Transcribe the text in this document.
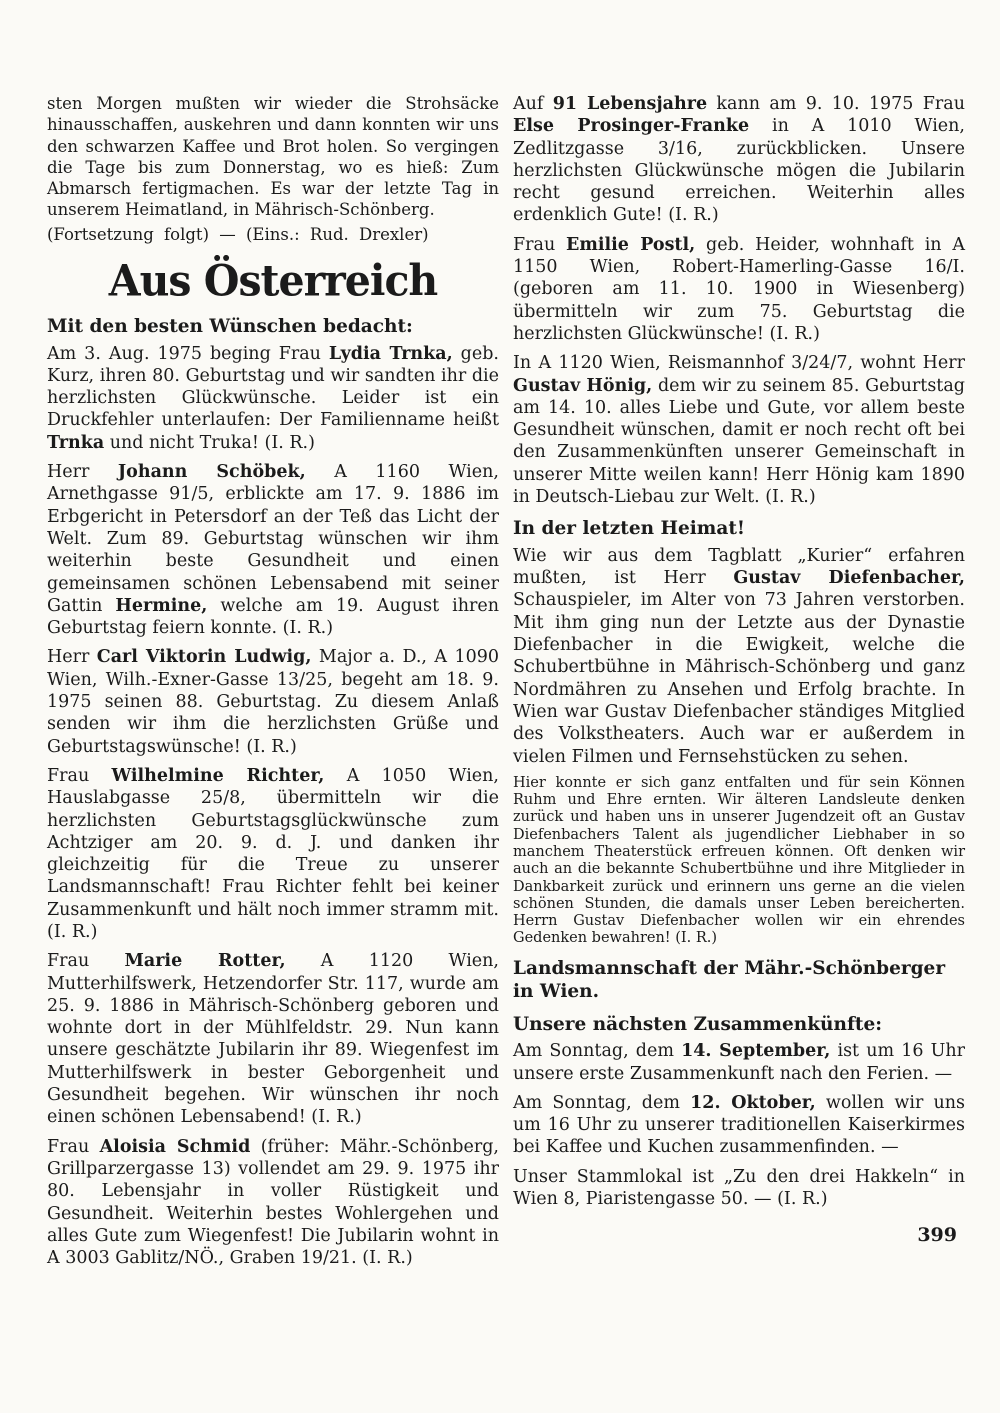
sten Morgen mußten wir wieder die Strohsäcke hinausschaffen, auskehren und dann konnten wir uns den schwarzen Kaffee und Brot holen. So vergingen die Tage bis zum Donnerstag, wo es hieß: Zum Abmarsch fertigmachen. Es war der letzte Tag in unserem Heimatland, in Mährisch-Schönberg.
(Fortsetzung folgt) — (Eins.: Rud. Drexler)
Aus Österreich
Mit den besten Wünschen bedacht:
Am 3. Aug. 1975 beging Frau Lydia Trnka, geb. Kurz, ihren 80. Geburtstag und wir sandten ihr die herzlichsten Glückwünsche. Leider ist ein Druckfehler unterlaufen: Der Familienname heißt Trnka und nicht Truka! (I. R.)
Herr Johann Schöbek, A 1160 Wien, Arnethgasse 91/5, erblickte am 17. 9. 1886 im Erbgericht in Petersdorf an der Teß das Licht der Welt. Zum 89. Geburtstag wünschen wir ihm weiterhin beste Gesundheit und einen gemeinsamen schönen Lebensabend mit seiner Gattin Hermine, welche am 19. August ihren Geburtstag feiern konnte. (I. R.)
Herr Carl Viktorin Ludwig, Major a. D., A 1090 Wien, Wilh.-Exner-Gasse 13/25, begeht am 18. 9. 1975 seinen 88. Geburtstag. Zu diesem Anlaß senden wir ihm die herzlichsten Grüße und Geburtstagswünsche! (I. R.)
Frau Wilhelmine Richter, A 1050 Wien, Hauslabgasse 25/8, übermitteln wir die herzlichsten Geburtstagsglückwünsche zum Achtziger am 20. 9. d. J. und danken ihr gleichzeitig für die Treue zu unserer Landsmannschaft! Frau Richter fehlt bei keiner Zusammenkunft und hält noch immer stramm mit. (I. R.)
Frau Marie Rotter, A 1120 Wien, Mutterhilfswerk, Hetzendorfer Str. 117, wurde am 25. 9. 1886 in Mährisch-Schönberg geboren und wohnte dort in der Mühlfeldstr. 29. Nun kann unsere geschätzte Jubilarin ihr 89. Wiegenfest im Mutterhilfswerk in bester Geborgenheit und Gesundheit begehen. Wir wünschen ihr noch einen schönen Lebensabend! (I. R.)
Frau Aloisia Schmid (früher: Mähr.-Schönberg, Grillparzergasse 13) vollendet am 29. 9. 1975 ihr 80. Lebensjahr in voller Rüstigkeit und Gesundheit. Weiterhin bestes Wohlergehen und alles Gute zum Wiegenfest! Die Jubilarin wohnt in A 3003 Gablitz/NÖ., Graben 19/21. (I. R.)
Auf 91 Lebensjahre kann am 9. 10. 1975 Frau Else Prosinger-Franke in A 1010 Wien, Zedlitzgasse 3/16, zurückblicken. Unsere herzlichsten Glückwünsche mögen die Jubilarin recht gesund erreichen. Weiterhin alles erdenklich Gute! (I. R.)
Frau Emilie Postl, geb. Heider, wohnhaft in A 1150 Wien, Robert-Hamerling-Gasse 16/I. (geboren am 11. 10. 1900 in Wiesenberg) übermitteln wir zum 75. Geburtstag die herzlichsten Glückwünsche! (I. R.)
In A 1120 Wien, Reismannhof 3/24/7, wohnt Herr Gustav Hönig, dem wir zu seinem 85. Geburtstag am 14. 10. alles Liebe und Gute, vor allem beste Gesundheit wünschen, damit er noch recht oft bei den Zusammenkünften unserer Gemeinschaft in unserer Mitte weilen kann! Herr Hönig kam 1890 in Deutsch-Liebau zur Welt. (I. R.)
In der letzten Heimat!
Wie wir aus dem Tagblatt „Kurier“ erfahren mußten, ist Herr Gustav Diefenbacher, Schauspieler, im Alter von 73 Jahren verstorben. Mit ihm ging nun der Letzte aus der Dynastie Diefenbacher in die Ewigkeit, welche die Schubertbühne in Mährisch-Schönberg und ganz Nordmähren zu Ansehen und Erfolg brachte. In Wien war Gustav Diefenbacher ständiges Mitglied des Volkstheaters. Auch war er außerdem in vielen Filmen und Fernsehstücken zu sehen.
Hier konnte er sich ganz entfalten und für sein Können Ruhm und Ehre ernten. Wir älteren Landsleute denken zurück und haben uns in unserer Jugendzeit oft an Gustav Diefenbachers Talent als jugendlicher Liebhaber in so manchem Theaterstück erfreuen können. Oft denken wir auch an die bekannte Schubertbühne und ihre Mitglieder in Dankbarkeit zurück und erinnern uns gerne an die vielen schönen Stunden, die damals unser Leben bereicherten. Herrn Gustav Diefenbacher wollen wir ein ehrendes Gedenken bewahren! (I. R.)
Landsmannschaft der Mähr.-Schönberger in Wien.
Unsere nächsten Zusammenkünfte:
Am Sonntag, dem 14. September, ist um 16 Uhr unsere erste Zusammenkunft nach den Ferien. —
Am Sonntag, dem 12. Oktober, wollen wir uns um 16 Uhr zu unserer traditionellen Kaiserkirmes bei Kaffee und Kuchen zusammenfinden. —
Unser Stammlokal ist „Zu den drei Hakkeln“ in Wien 8, Piaristengasse 50. — (I. R.)
399
